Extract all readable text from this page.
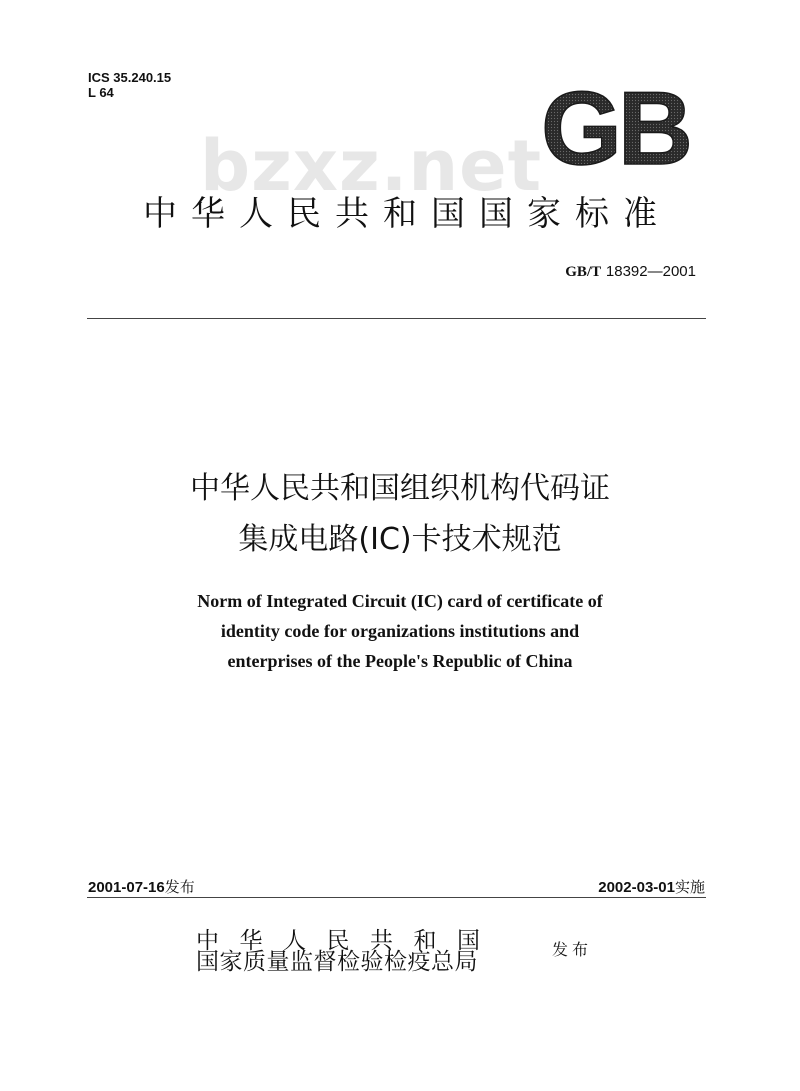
ICS 35.240.15
L 64	GB
bzxz.net
中华人民共和国国家标准
GB/T 18392—2001
中华人民共和国组织机构代码证
集成电路(IC)卡技术规范
Norm of Integrated Circuit (IC) card of certificate of
identity code for organizations institutions and
enterprises of the People's Republic of China
2001-07-16发布	2002-03-01实施
中华人民共和国
国家质量监督检验检疫总局	发布
